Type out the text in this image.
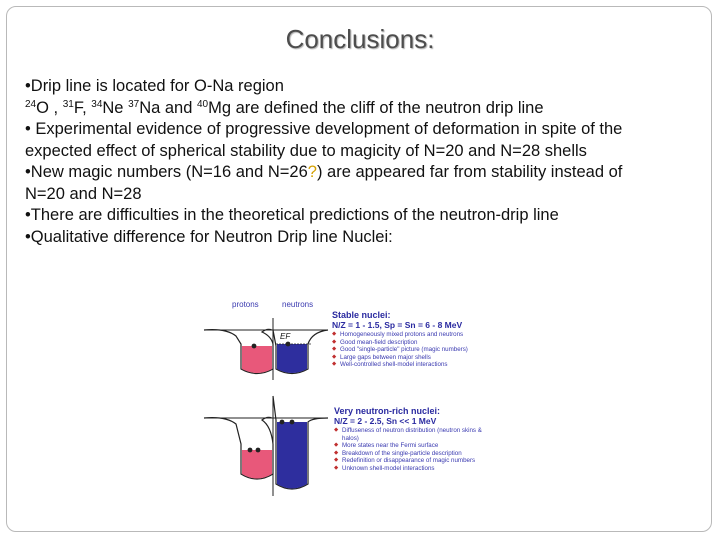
Conclusions:

•Drip line is located for O-Na region

$^{24}$O , $^{31}$F, $^{34}$Ne $^{37}$Na and $^{40}$Mg are defined the cliff of the neutron drip line

• Experimental evidence of progressive development of deformation in spite of the expected effect of spherical stability due to magicity of N=20 and N=28 shells

•New magic numbers (N=16 and N=26?) are appeared far from stability instead of N=20 and N=28

•There are difficulties in the theoretical predictions of the neutron-drip line

•Qualitative difference for Neutron Drip line Nuclei:

protons	neutrons
EF
Stable nuclei:
N/Z = 1 - 1.5, Sp = Sn = 6 - 8 MeV
◆ Homogeneously mixed protons and neutrons
◆ Good mean-field description
◆ Good "single-particle" picture (magic numbers)
◆ Large gaps between major shells
◆ Well-controlled shell-model interactions
Very neutron-rich nuclei:
N/Z = 2 - 2.5, Sn << 1 MeV
◆ Diffuseness of neutron distribution (neutron skins & halos)
◆ More states near the Fermi surface
◆ Breakdown of the single-particle description
◆ Redefinition or disappearance of magic numbers
◆ Unknown shell-model interactions
